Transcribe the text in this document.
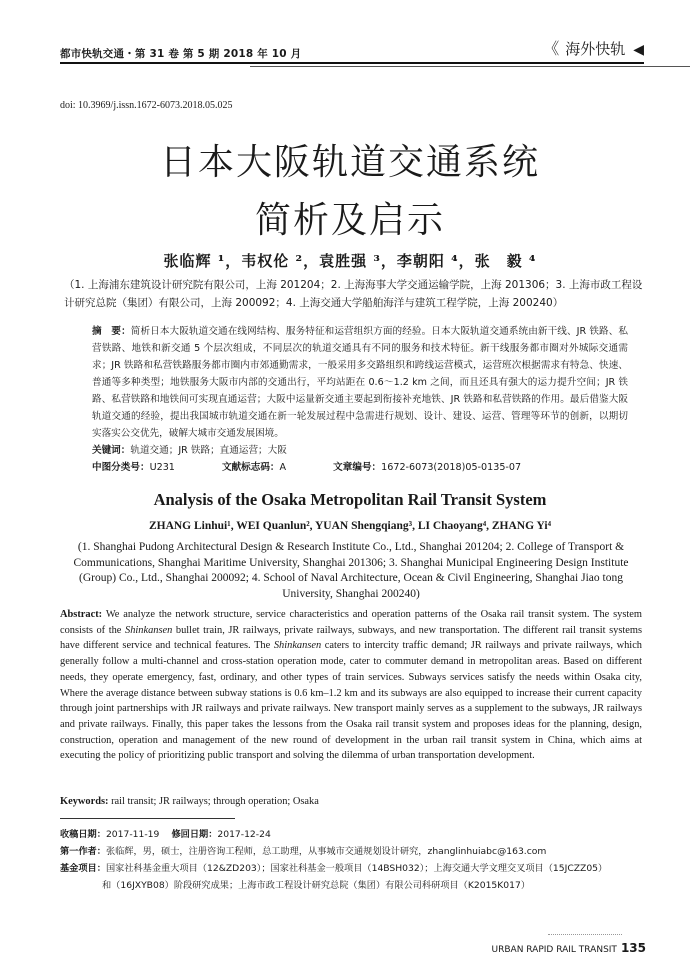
都市快轨交通・第 31 卷 第 5 期 2018 年 10 月	《 海外快轨 ◀
doi: 10.3969/j.issn.1672-6073.2018.05.025
日本大阪轨道交通系统
简析及启示
张临辉 ¹，韦权伦 ²，袁胜强 ³，李朝阳 ⁴，张　毅 ⁴
（1. 上海浦东建筑设计研究院有限公司，上海 201204；2. 上海海事大学交通运输学院，上海 201306；3. 上海市政工程设计研究总院（集团）有限公司，上海 200092；4. 上海交通大学船舶海洋与建筑工程学院，上海 200240）
摘　要：简析日本大阪轨道交通在线网结构、服务特征和运营组织方面的经验。日本大阪轨道交通系统由新干线、JR 铁路、私营铁路、地铁和新交通 5 个层次组成，不同层次的轨道交通具有不同的服务和技术特征。新干线服务都市圈对外城际交通需求；JR 铁路和私营铁路服务都市圈内市郊通勤需求，一般采用多交路组织和跨线运营模式，运营班次根据需求有特急、快速、普通等多种类型；地铁服务大阪市内部的交通出行，平均站距在 0.6～1.2 km 之间，而且还具有强大的运力提升空间；JR 铁路、私营铁路和地铁间可实现直通运营；大阪中运量新交通主要起到衔接补充地铁、JR 铁路和私营铁路的作用。最后借鉴大阪轨道交通的经验，提出我国城市轨道交通在新一轮发展过程中急需进行规划、设计、建设、运营、管理等环节的创新，以期切实落实公交优先，破解大城市交通发展困境。
关键词：轨道交通；JR 铁路；直通运营；大阪
中图分类号：U231	文献标志码：A	文章编号：1672-6073(2018)05-0135-07
Analysis of the Osaka Metropolitan Rail Transit System
ZHANG Linhui¹, WEI Quanlun², YUAN Shengqiang³, LI Chaoyang⁴, ZHANG Yi⁴
(1. Shanghai Pudong Architectural Design & Research Institute Co., Ltd., Shanghai 201204; 2. College of Transport & Communications, Shanghai Maritime University, Shanghai 201306; 3. Shanghai Municipal Engineering Design Institute (Group) Co., Ltd., Shanghai 200092; 4. School of Naval Architecture, Ocean & Civil Engineering, Shanghai Jiao tong University, Shanghai 200240)
Abstract: We analyze the network structure, service characteristics and operation patterns of the Osaka rail transit system. The system consists of the Shinkansen bullet train, JR railways, private railways, subways, and new transportation. The different rail transit systems have different service and technical features. The Shinkansen caters to intercity traffic demand; JR railways and private railways, which generally follow a multi-channel and cross-station operation mode, cater to commuter demand in metropolitan areas. Based on different needs, they operate emergency, fast, ordinary, and other types of train services. Subways services satisfy the needs within Osaka city, Where the average distance between subway stations is 0.6 km–1.2 km and its subways are also equipped to increase their current capacity through joint partnerships with JR railways and private railways. New transport mainly serves as a supplement to the subways, JR railways and private railways. Finally, this paper takes the lessons from the Osaka rail transit system and proposes ideas for the planning, design, construction, operation and management of the new round of development in the urban rail transit system in China, which aims at executing the policy of prioritizing public transport and solving the dilemma of urban transportation development.
Keywords: rail transit; JR railways; through operation; Osaka
收稿日期：2017-11-19　 修回日期：2017-12-24
第一作者：张临辉，男，硕士，注册咨询工程师，总工助理，从事城市交通规划设计研究，zhanglinhuiabc@163.com
基金项目：国家社科基金重大项目（12&ZD203）；国家社科基金一般项目（14BSH032）；上海交通大学文理交叉项目（15JCZZ05）
和（16JXYB08）阶段研究成果；上海市政工程设计研究总院（集团）有限公司科研项目（K2015K017）
URBAN RAPID RAIL TRANSIT 135
